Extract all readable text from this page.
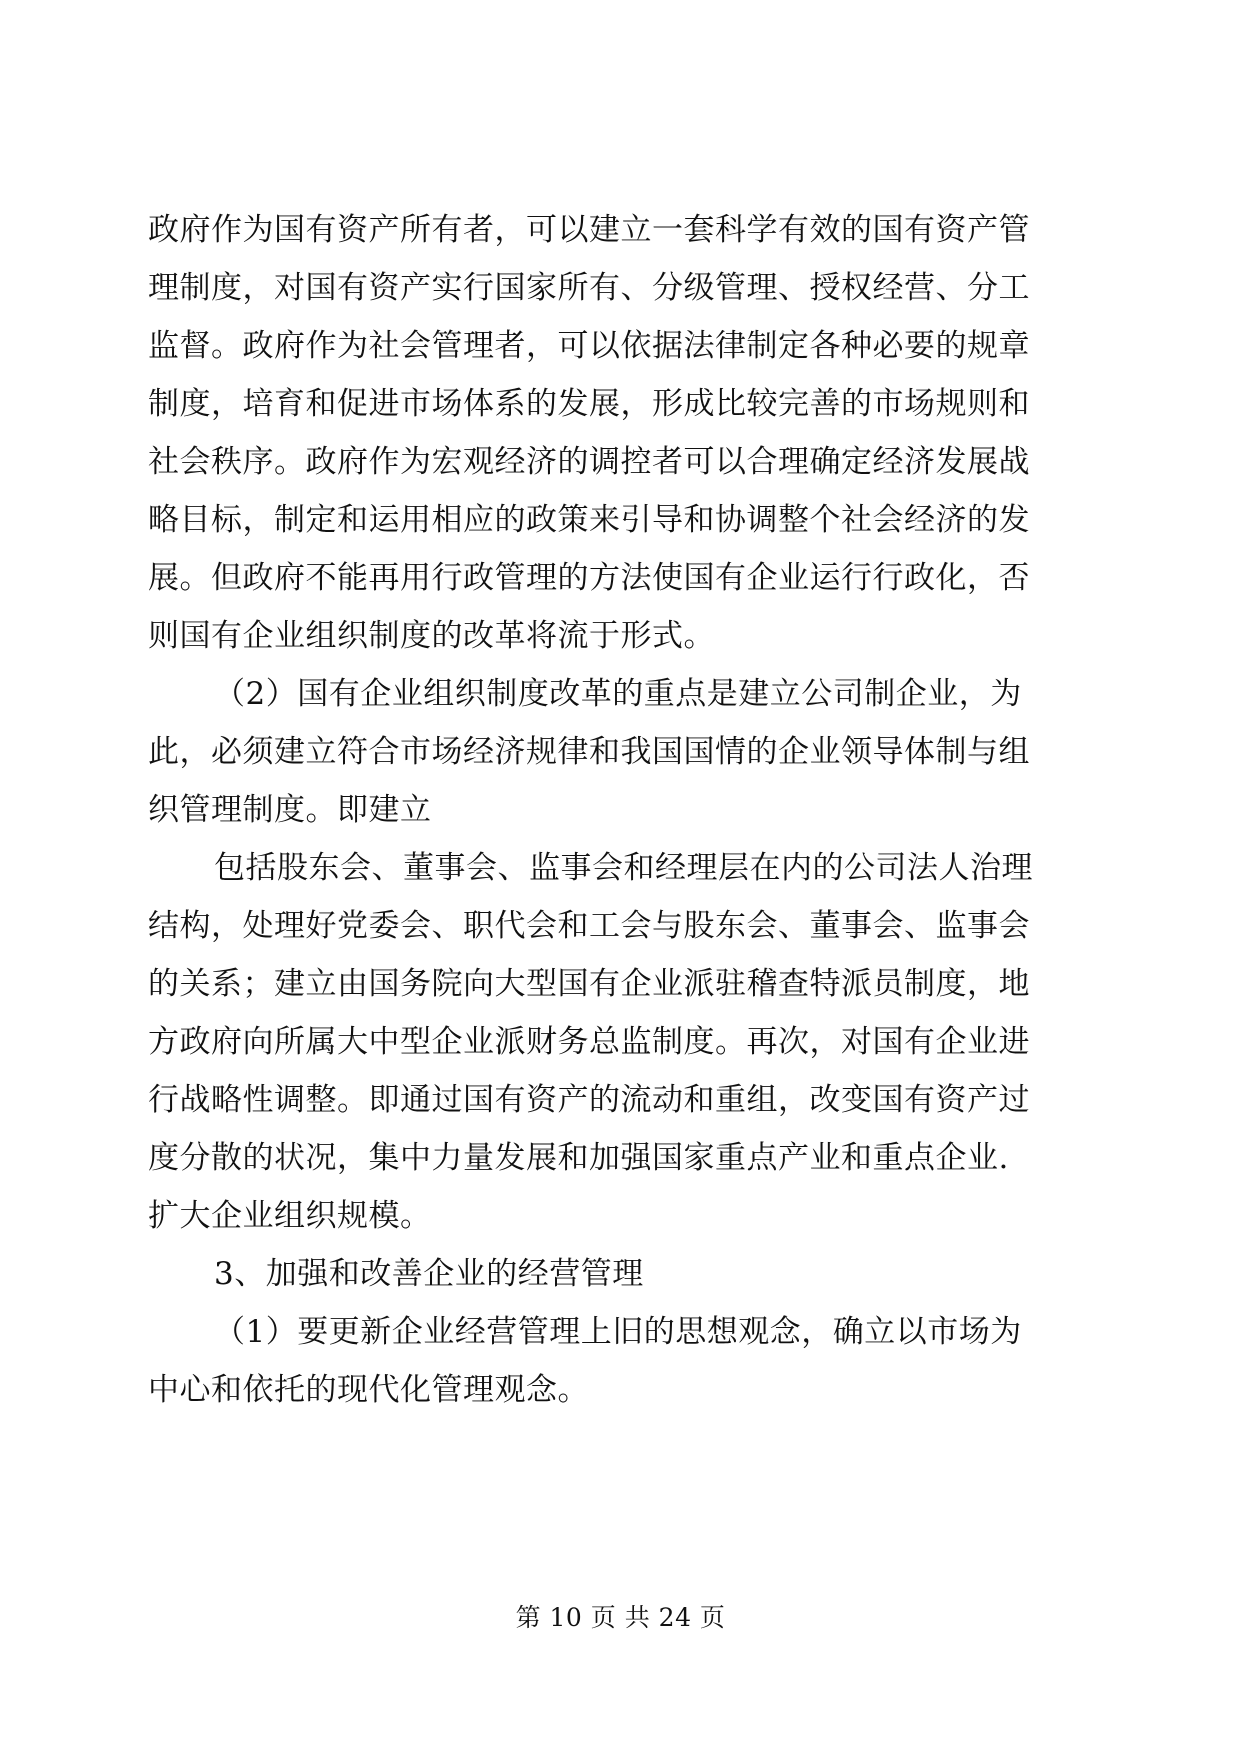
政府作为国有资产所有者，可以建立一套科学有效的国有资产管
理制度，对国有资产实行国家所有、分级管理、授权经营、分工
监督。政府作为社会管理者，可以依据法律制定各种必要的规章
制度，培育和促进市场体系的发展，形成比较完善的市场规则和
社会秩序。政府作为宏观经济的调控者可以合理确定经济发展战
略目标，制定和运用相应的政策来引导和协调整个社会经济的发
展。但政府不能再用行政管理的方法使国有企业运行行政化，否
则国有企业组织制度的改革将流于形式。
（2）国有企业组织制度改革的重点是建立公司制企业，为
此，必须建立符合市场经济规律和我国国情的企业领导体制与组
织管理制度。即建立
包括股东会、董事会、监事会和经理层在内的公司法人治理
结构，处理好党委会、职代会和工会与股东会、董事会、监事会
的关系；建立由国务院向大型国有企业派驻稽查特派员制度，地
方政府向所属大中型企业派财务总监制度。再次，对国有企业进
行战略性调整。即通过国有资产的流动和重组，改变国有资产过
度分散的状况，集中力量发展和加强国家重点产业和重点企业.
扩大企业组织规模。
3、加强和改善企业的经营管理
（1）要更新企业经营管理上旧的思想观念，确立以市场为
中心和依托的现代化管理观念。
第 10 页 共 24 页
